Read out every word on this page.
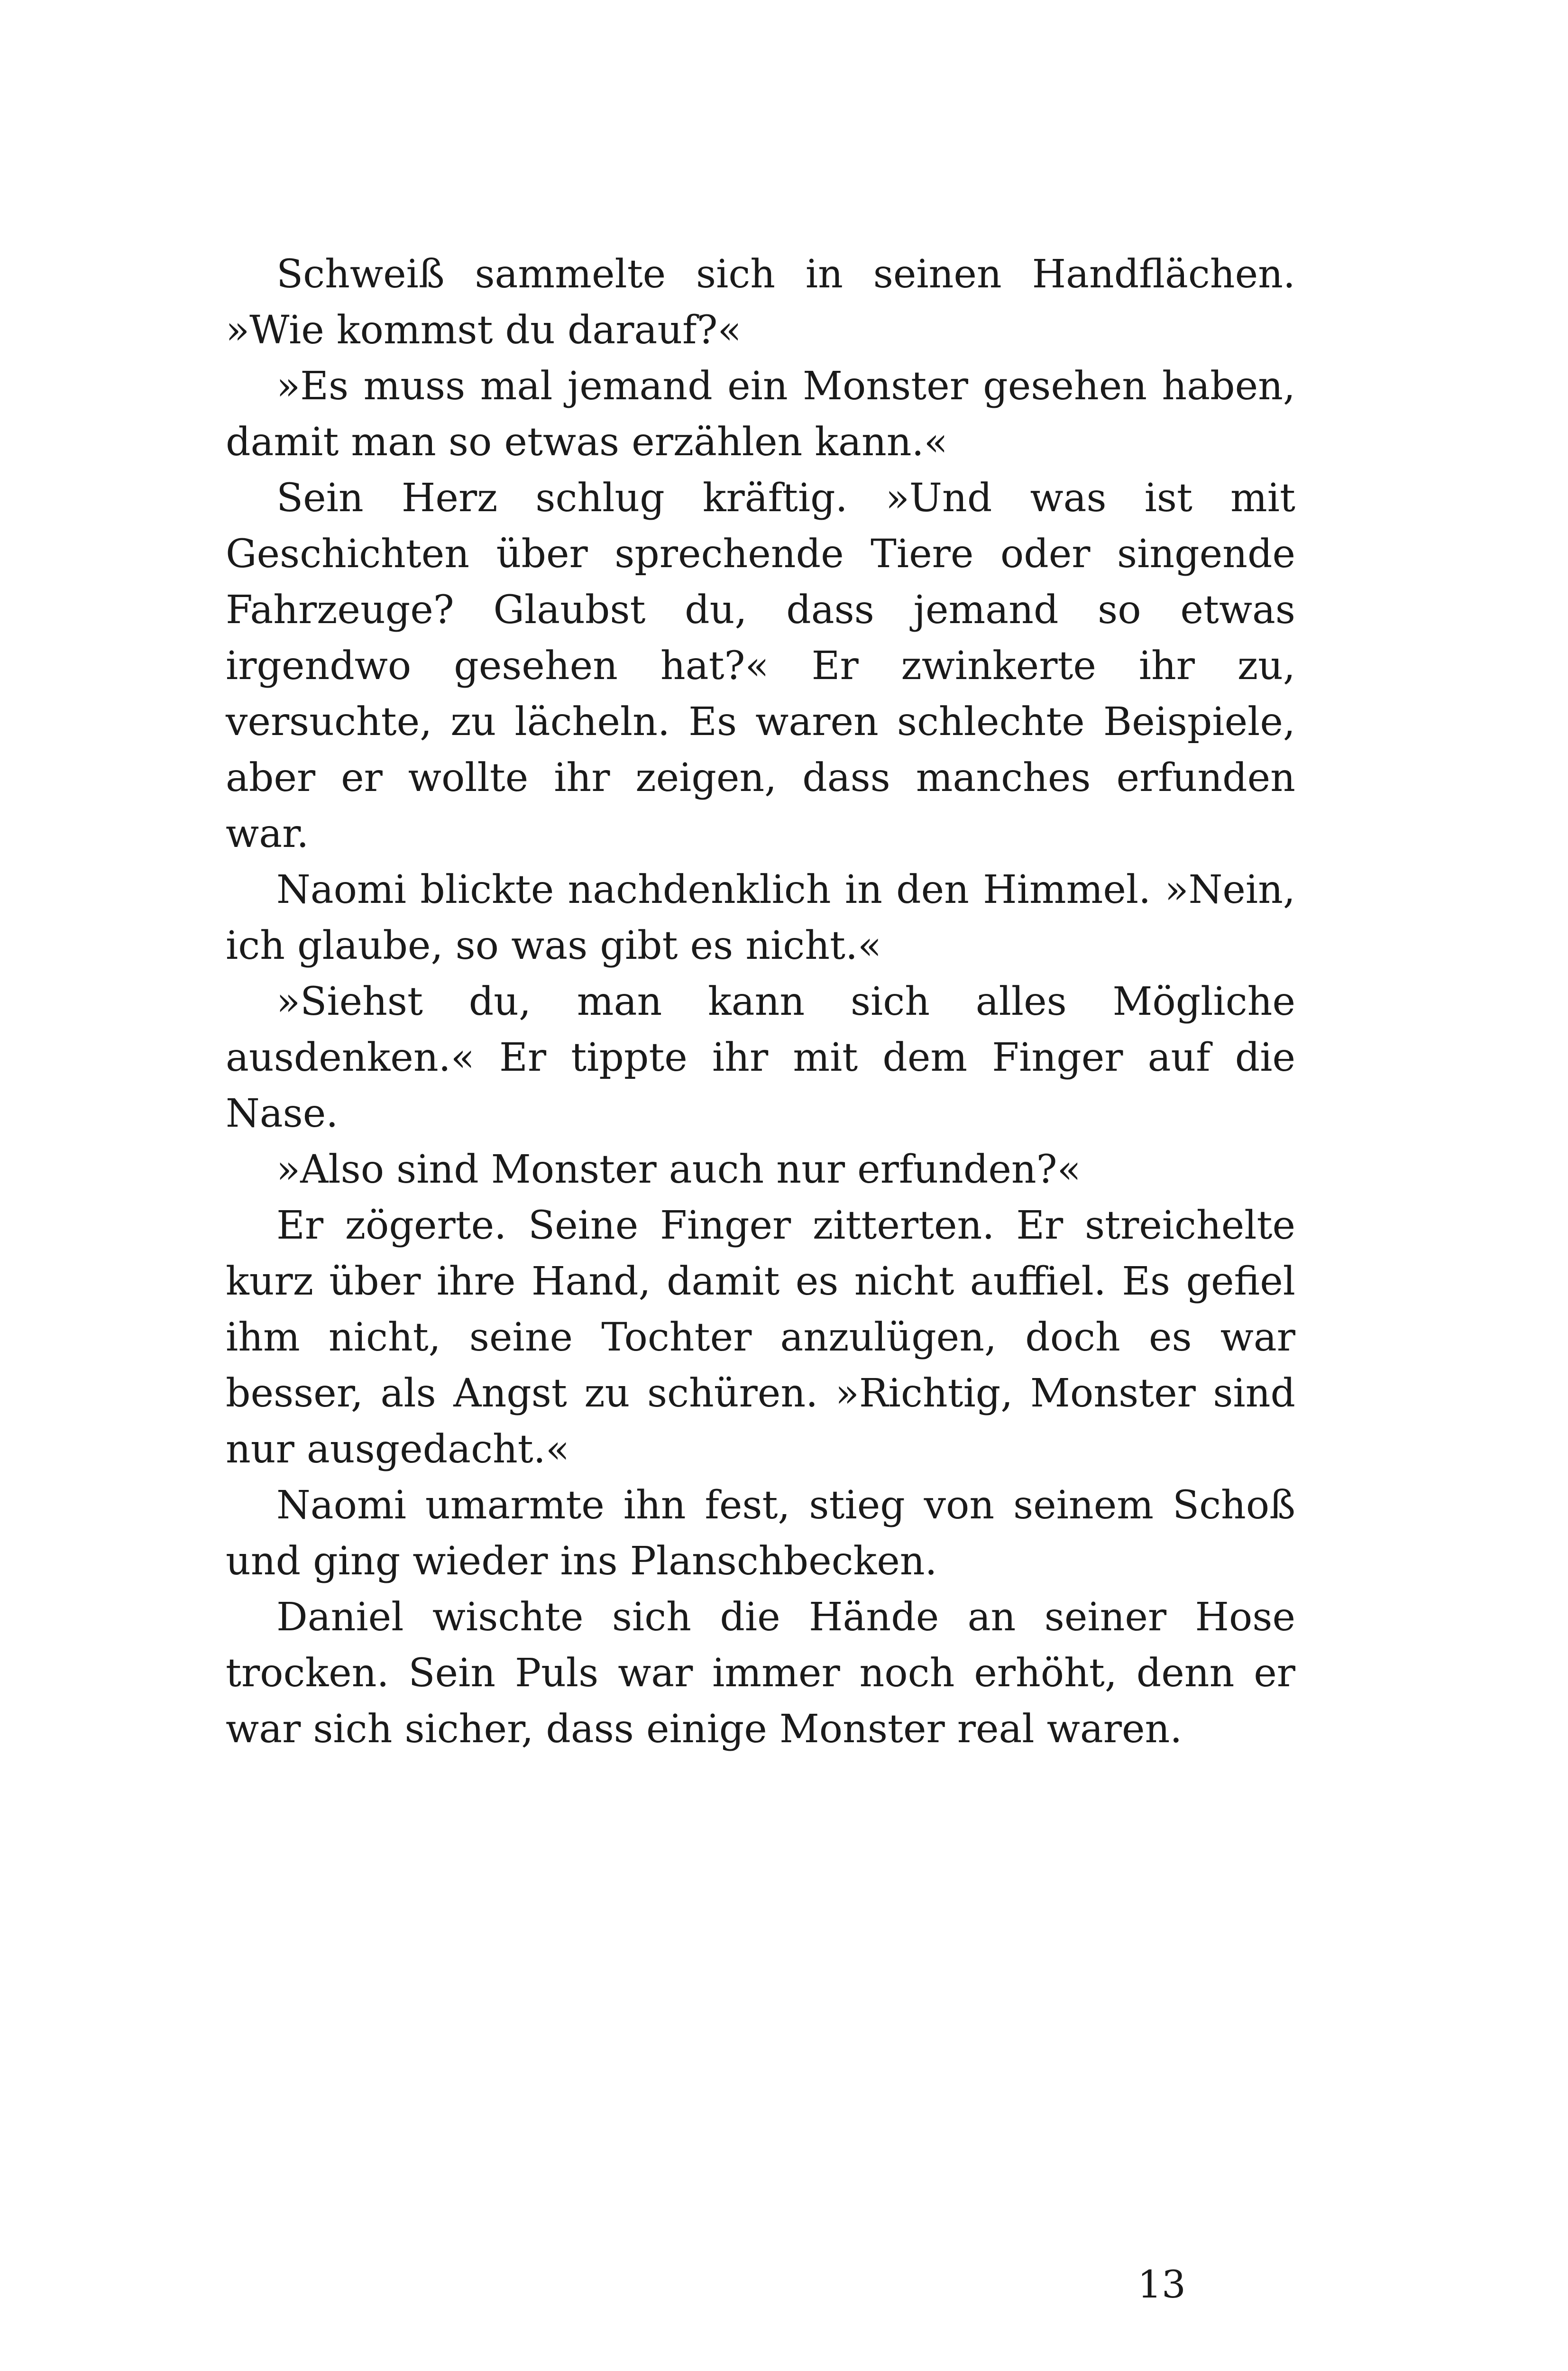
Schweiß sammelte sich in seinen Handflächen. »Wie kommst du darauf?«

»Es muss mal jemand ein Monster gesehen haben, damit man so etwas erzählen kann.«

Sein Herz schlug kräftig. »Und was ist mit Geschichten über sprechende Tiere oder singende Fahrzeuge? Glaubst du, dass jemand so etwas irgendwo gesehen hat?« Er zwinkerte ihr zu, versuchte, zu lächeln. Es waren schlechte Beispiele, aber er wollte ihr zeigen, dass manches erfunden war.

Naomi blickte nachdenklich in den Himmel. »Nein, ich glaube, so was gibt es nicht.«

»Siehst du, man kann sich alles Mögliche ausdenken.« Er tippte ihr mit dem Finger auf die Nase.

»Also sind Monster auch nur erfunden?«

Er zögerte. Seine Finger zitterten. Er streichelte kurz über ihre Hand, damit es nicht auffiel. Es gefiel ihm nicht, seine Tochter anzulügen, doch es war besser, als Angst zu schüren. »Richtig, Monster sind nur ausgedacht.«

Naomi umarmte ihn fest, stieg von seinem Schoß und ging wieder ins Planschbecken.

Daniel wischte sich die Hände an seiner Hose trocken. Sein Puls war immer noch erhöht, denn er war sich sicher, dass einige Monster real waren.

13
